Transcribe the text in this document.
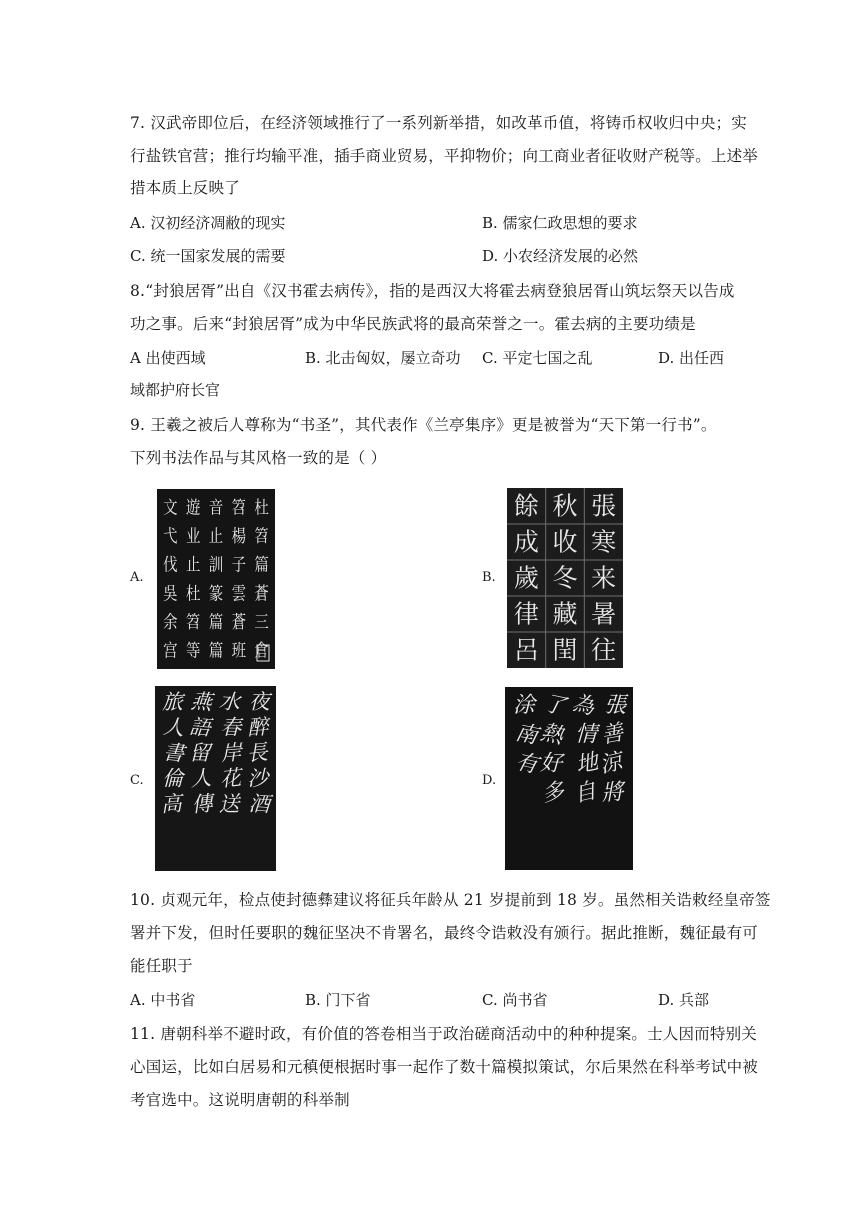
7. 汉武帝即位后，在经济领域推行了一系列新举措，如改革币值，将铸币权收归中央；实
行盐铁官营；推行均输平准，插手商业贸易，平抑物价；向工商业者征收财产税等。上述举
措本质上反映了
A. 汉初经济凋敝的现实	B. 儒家仁政思想的要求
C. 统一国家发展的需要	D. 小农经济发展的必然
8.“封狼居胥”出自《汉书霍去病传》，指的是西汉大将霍去病登狼居胥山筑坛祭天以告成
功之事。后来“封狼居胥”成为中华民族武将的最高荣誉之一。霍去病的主要功绩是
A 出使西域	B. 北击匈奴，屡立奇功 C. 平定七国之乱	D. 出任西
域都护府长官
9. 王羲之被后人尊称为“书圣”，其代表作《兰亭集序》更是被誉为“天下第一行书”。
下列书法作品与其风格一致的是（ ）
A.
文
弋
伐
吳
余
宫
遊
业
止
杜
笤
等
音
止
訓
篆
篇
篇
笤
楊
子
雲
蒼
班
杜
笤
篇
蒼
三
倉
B.
餘
成
歲
律
呂
秋
收
冬
藏
閏
張
寒
来
暑
往
C.
旅
人
書
倫
高
燕
語
留
人
傳
水
春
岸
花
送
夜
醉
長
沙
酒
D.
涂
南
有
了
熱
好
多
為
情
地
自
張
善
涼
將
10. 贞观元年，检点使封德彝建议将征兵年龄从 21 岁提前到 18 岁。虽然相关诰敕经皇帝签
署并下发，但时任要职的魏征坚决不肯署名，最终令诰敕没有颁行。据此推断，魏征最有可
能任职于
A. 中书省	B. 门下省	C. 尚书省	D. 兵部
11. 唐朝科举不避时政，有价值的答卷相当于政治磋商活动中的种种提案。士人因而特别关
心国运，比如白居易和元稹便根据时事一起作了数十篇模拟策试，尔后果然在科举考试中被
考官选中。这说明唐朝的科举制
